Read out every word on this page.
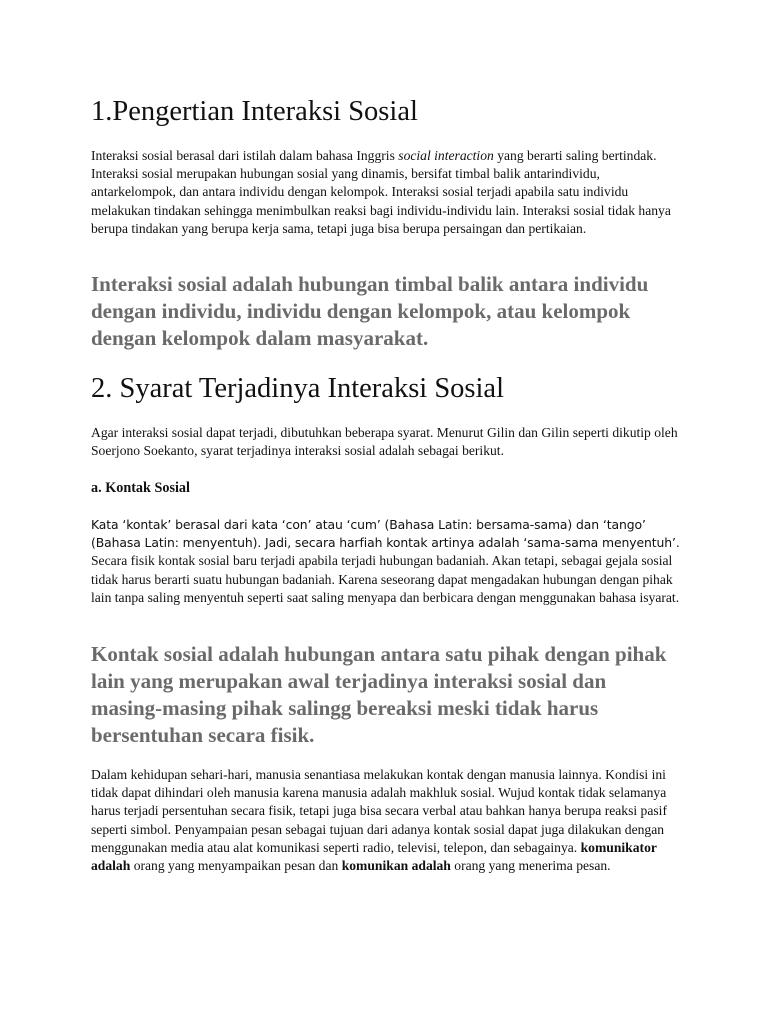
1.Pengertian Interaksi Sosial

Interaksi sosial berasal dari istilah dalam bahasa Inggris social interaction yang berarti saling bertindak. Interaksi sosial merupakan hubungan sosial yang dinamis, bersifat timbal balik antarindividu, antarkelompok, dan antara individu dengan kelompok. Interaksi sosial terjadi apabila satu individu melakukan tindakan sehingga menimbulkan reaksi bagi individu-individu lain. Interaksi sosial tidak hanya berupa tindakan yang berupa kerja sama, tetapi juga bisa berupa persaingan dan pertikaian.

Interaksi sosial adalah hubungan timbal balik antara individu dengan individu, individu dengan kelompok, atau kelompok dengan kelompok dalam masyarakat.

2. Syarat Terjadinya Interaksi Sosial

Agar interaksi sosial dapat terjadi, dibutuhkan beberapa syarat. Menurut Gilin dan Gilin seperti dikutip oleh Soerjono Soekanto, syarat terjadinya interaksi sosial adalah sebagai berikut.

a. Kontak Sosial

Kata ‘kontak’ berasal dari kata ‘con’ atau ‘cum’ (Bahasa Latin: bersama-sama) dan ‘tango’ (Bahasa Latin: menyentuh). Jadi, secara harfiah kontak artinya adalah ‘sama-sama menyentuh’. Secara fisik kontak sosial baru terjadi apabila terjadi hubungan badaniah. Akan tetapi, sebagai gejala sosial tidak harus berarti suatu hubungan badaniah. Karena seseorang dapat mengadakan hubungan dengan pihak lain tanpa saling menyentuh seperti saat saling menyapa dan berbicara dengan menggunakan bahasa isyarat.

Kontak sosial adalah hubungan antara satu pihak dengan pihak lain yang merupakan awal terjadinya interaksi sosial dan masing-masing pihak salingg bereaksi meski tidak harus bersentuhan secara fisik.

Dalam kehidupan sehari-hari, manusia senantiasa melakukan kontak dengan manusia lainnya. Kondisi ini tidak dapat dihindari oleh manusia karena manusia adalah makhluk sosial. Wujud kontak tidak selamanya harus terjadi persentuhan secara fisik, tetapi juga bisa secara verbal atau bahkan hanya berupa reaksi pasif seperti simbol. Penyampaian pesan sebagai tujuan dari adanya kontak sosial dapat juga dilakukan dengan menggunakan media atau alat komunikasi seperti radio, televisi, telepon, dan sebagainya. komunikator adalah orang yang menyampaikan pesan dan komunikan adalah orang yang menerima pesan.
